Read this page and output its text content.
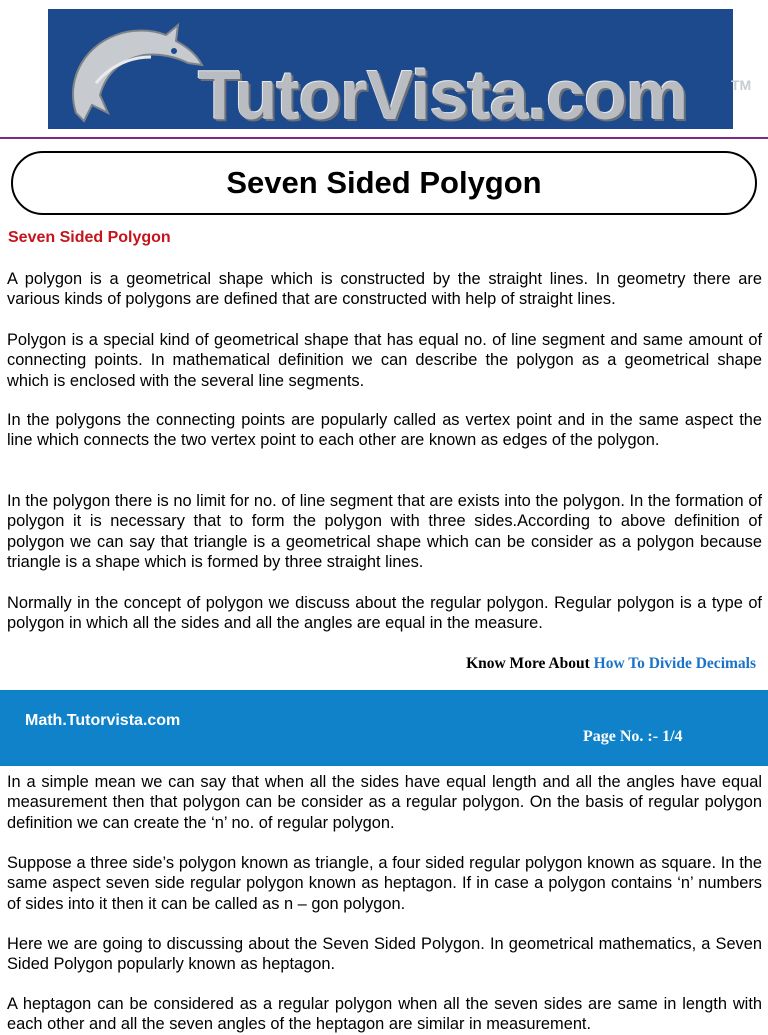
TutorVista.com	TM
Seven Sided Polygon
Seven Sided Polygon

A polygon is a geometrical shape which is constructed by the straight lines. In geometry there are various kinds of polygons are defined that are constructed with help of straight lines.

Polygon is a special kind of geometrical shape that has equal no. of line segment and same amount of connecting points. In mathematical definition we can describe the polygon as a geometrical shape which is enclosed with the several line segments.

In the polygons the connecting points are popularly called as vertex point and in the same aspect the line which connects the two vertex point to each other are known as edges of the polygon.

In the polygon there is no limit for no. of line segment that are exists into the polygon. In the formation of polygon it is necessary that to form the polygon with three sides.According to above definition of polygon we can say that triangle is a geometrical shape which can be consider as a polygon because triangle is a shape which is formed by three straight lines.

Normally in the concept of polygon we discuss about the regular polygon. Regular polygon is a type of polygon in which all the sides and all the angles are equal in the measure.

Know More About How To Divide Decimals
Math.Tutorvista.com
Page No. :- 1/4

In a simple mean we can say that when all the sides have equal length and all the angles have equal measurement then that polygon can be consider as a regular polygon. On the basis of regular polygon definition we can create the ‘n’ no. of regular polygon.

Suppose a three side’s polygon known as triangle, a four sided regular polygon known as square. In the same aspect seven side regular polygon known as heptagon. If in case a polygon contains ‘n’ numbers of sides into it then it can be called as n – gon polygon.

Here we are going to discussing about the Seven Sided Polygon. In geometrical mathematics, a Seven Sided Polygon popularly known as heptagon.

A heptagon can be considered as a regular polygon when all the seven sides are same in length with each other and all the seven angles of the heptagon are similar in measurement.
